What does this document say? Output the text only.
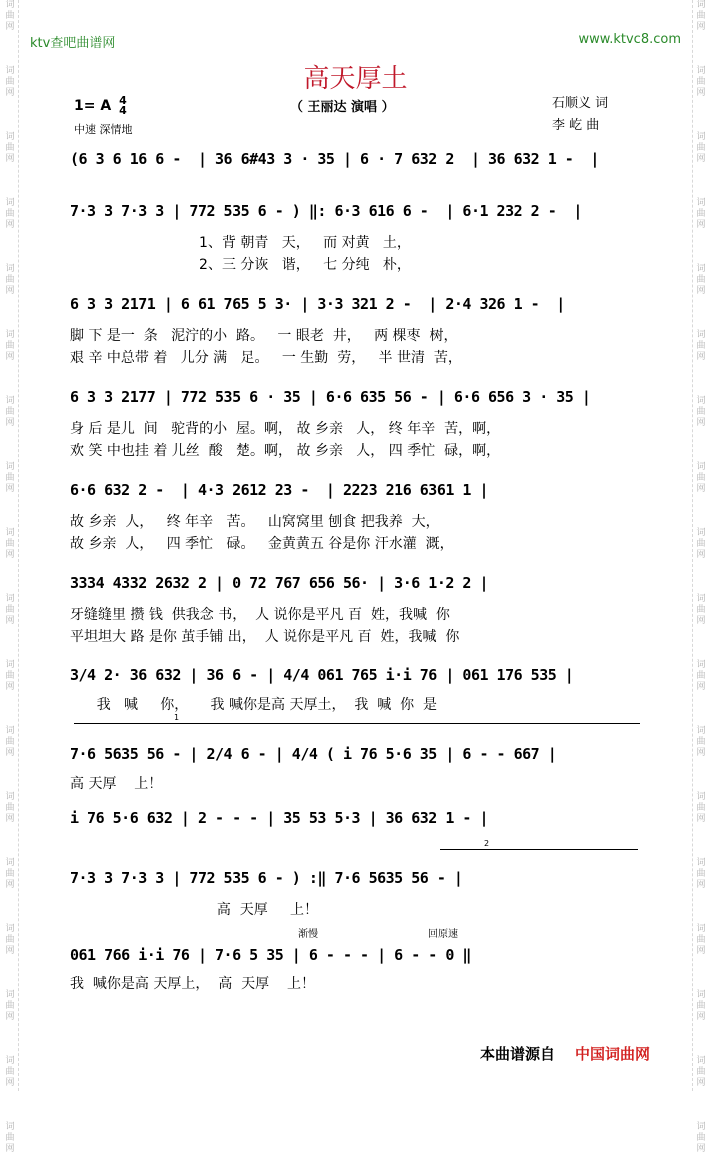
词
曲
网

词
曲
网

词
曲
网

词
曲
网

词
曲
网

词
曲
网

词
曲
网

词
曲
网

词
曲
网

词
曲
网

词
曲
网

词
曲
网

词
曲
网

词
曲
网

词
曲
网

词
曲
网

词
曲
网

词
曲
网
词
曲
网

词
曲
网

词
曲
网

词
曲
网

词
曲
网

词
曲
网

词
曲
网

词
曲
网

词
曲
网

词
曲
网

词
曲
网

词
曲
网

词
曲
网

词
曲
网

词
曲
网

词
曲
网

词
曲
网

词
曲
网
ktv查吧曲谱网	www.ktvc8.com
高天厚土
（ 王丽达 演唱 ）
1= A 4
4
中速 深情地
石顺义 词
李 屹 曲
(6 3 6 16 6 -  | 36 6#43 3 · 35 | 6 · 7 632 2  | 36 632 1 -  |
7·3 3 7·3 3 | 772 535 6 - ) ‖: 6·3 616 6 -  | 6·1 232 2 -  |
1、背 朝青   天，   而 对黄   土，
2、三 分诙   谐，   七 分纯   朴，
6 3 3 2171 | 6 61 765 5 3· | 3·3 321 2 -  | 2·4 326 1 -  |
脚 下 是一  条   泥泞的小  路。   一 眼老  井，   两 棵枣  树，
艰 辛 中总带 着   儿分 满   足。   一 生勤  劳，   半 世清  苦，
6 3 3 2177 | 772 535 6 · 35 | 6·6 635 56 - | 6·6 656 3 · 35 |
身 后 是儿  间   驼背的小  屋。啊， 故 乡亲   人， 终 年辛  苦，啊，
欢 笑 中也挂 着 儿丝  酸   楚。啊， 故 乡亲   人， 四 季忙  碌，啊，
6·6 632 2 -  | 4·3 2612 23 -  | 2223 216 6361 1 |
故 乡亲  人，   终 年辛   苦。   山窝窝里 刨食 把我养  大，
故 乡亲  人，   四 季忙   碌。   金黄黄五 谷是你 汗水灌  溉，
3334 4332 2632 2 | 0 72 767 656 56· | 3·6 1·2 2 |
牙缝缝里 攒 钱  供我念 书，  人 说你是平凡 百  姓，我喊  你
平坦坦大 路 是你 茧手铺 出，  人 说你是平凡 百  姓，我喊  你
3/4 2· 36 632 | 36 6 - | 4/4 061 765 i·i 76 | 061 176 535 |
我   喊     你，     我 喊你是高 天厚土，  我  喊  你  是
1
7·6 5635 56 - | 2/4 6 - | 4/4 ( i 76 5·6 35 | 6 - - 667 |
高 天厚    上！
i 76 5·6 632 | 2 - - - | 35 53 5·3 | 36 632 1 - |
2
7·3 3 7·3 3 | 772 535 6 - ) :‖ 7·6 5635 56 - |
高  天厚     上！
渐慢	回原速
061 766 i·i 76 | 7·6 5 35 | 6 - - - | 6 - - 0 ‖
我  喊你是高 天厚上，  高  天厚    上！
本曲谱源自 中国词曲网
